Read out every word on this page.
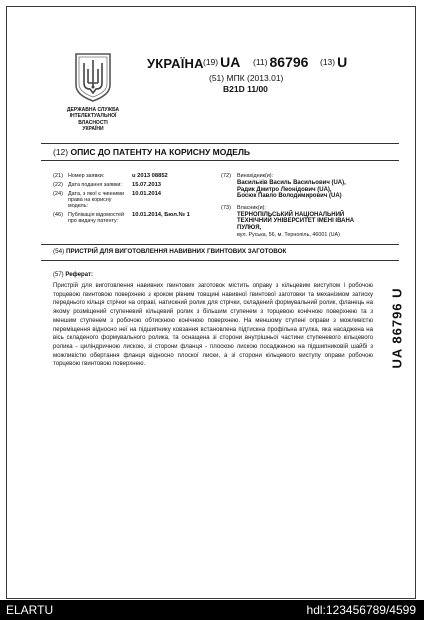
ДЕРЖАВНА СЛУЖБА
ІНТЕЛЕКТУАЛЬНОЇ
ВЛАСНОСТІ
УКРАЇНИ
УКРАЇНА (19) UA (11) 86796 (13) U
(51) МПК (2013.01)
B21D 11/00
(12) ОПИС ДО ПАТЕНТУ НА КОРИСНУ МОДЕЛЬ
(21) Номер заявки:	u 2013 08852
(22) Дата подання заявки:	15.07.2013
(24) Дата, з якої є чинними права на корисну модель:
10.01.2014
(46) Публікація відомостей про видачу патенту:
10.01.2014, Бюл.№ 1
(72)	Винахідник(и):
Васильків Василь Васильович (UA),
Радик Дмитро Леонідович (UA),
Босюк Павло Володимирович (UA)
(73)	Власник(и):
ТЕРНОПІЛЬСЬКИЙ НАЦІОНАЛЬНИЙ
ТЕХНІЧНИЙ УНІВЕРСИТЕТ ІМЕНІ ІВАНА
ПУЛЮЯ,
вул. Руська, 56, м. Тернопіль, 46001 (UA)
(54) ПРИСТРІЙ ДЛЯ ВИГОТОВЛЕННЯ НАВИВНИХ ГВИНТОВИХ ЗАГОТОВОК
(57) Реферат:
Пристрій для виготовлення навивних гвинтових заготовок містить оправу з кільцевим виступом і робочою торцевою гвинтовою поверхнею з кроком рівним товщині навивної гвинтової заготовки та механізмом затиску переднього кільця стрічки на оправі, натискний ролик для стрічки, складений формувальний ролик, фланець на якому розміщений ступеневий кільцевий ролик з більшим ступенем з торцевою конічною поверхнею та з меншим ступенем з робочою обтискною конічною поверхнею. На меншому ступені оправи з можливістю переміщення відносно неї на підшипнику ковзання встановлена підтискна профільна втулка, яка насаджена на вісь складеного формувального ролика, та оснащена зі сторони внутрішньої частини ступеневого кільцевого ролика - циліндричною лискою, зі сторони фланця - плоскою лискою посадженою на підшипниковій шайбі з можливістю обертання фланця відносно плоскої лиски, а зі сторони кільцевого виступу оправи робочою торцевою гвинтовою поверхнею.	UA 86796 U
ELARTU	hdl:123456789/4599
